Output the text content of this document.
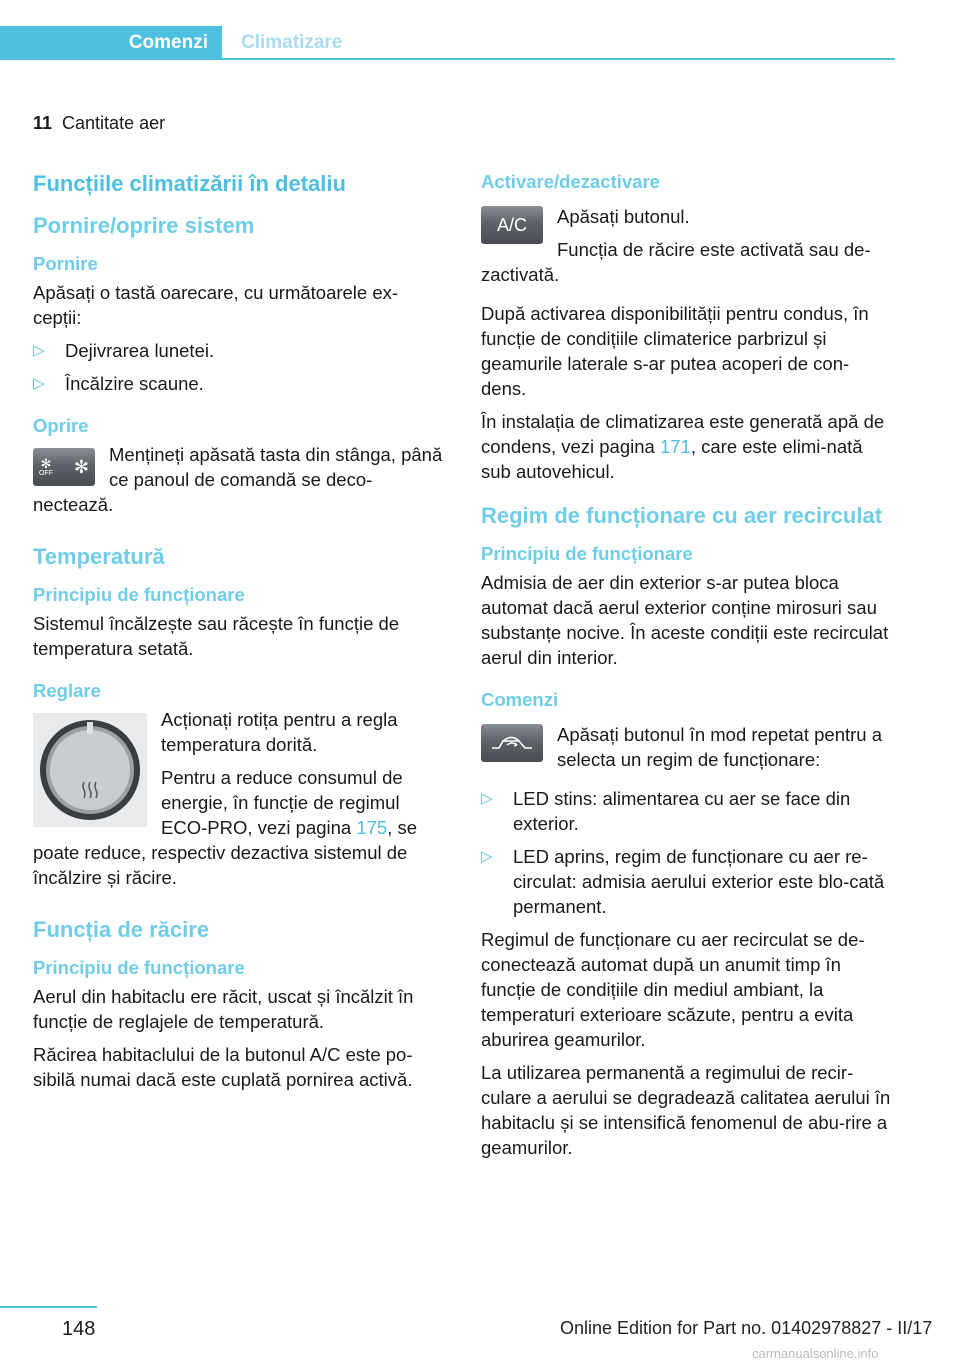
Comenzi	Climatizare
11 Cantitate aer
Funcțiile climatizării în detaliu
Pornire/oprire sistem
Pornire

Apăsați o tastă oarecare, cu următoarele ex-cepții:

▷	Dejivrarea lunetei.
▷	Încălzire scaune.
Oprire
✻
OFF ✻

Mențineți apăsată tasta din stânga, până ce panoul de comandă se deco-nectează.

Temperatură
Principiu de funcționare

Sistemul încălzește sau răcește în funcție de temperatura setată.

Reglare

Acționați rotița pentru a regla temperatura dorită.

Pentru a reduce consumul de energie, în funcție de regimul ECO-PRO, vezi pagina 175, se poate reduce, respectiv dezactiva sistemul de încălzire și răcire.

Funcția de răcire
Principiu de funcționare

Aerul din habitaclu ere răcit, uscat și încălzit în funcție de reglajele de temperatură.

Răcirea habitaclului de la butonul A/C este po-sibilă numai dacă este cuplată pornirea activă.

Activare/dezactivare
A/C	Apăsați butonul.

Funcția de răcire este activată sau de-zactivată.

După activarea disponibilității pentru condus, în funcție de condițiile climaterice parbrizul și geamurile laterale s-ar putea acoperi de con-dens.

În instalația de climatizarea este generată apă de condens, vezi pagina 171, care este elimi-nată sub autovehicul.

Regim de funcționare cu aer recirculat
Principiu de funcționare

Admisia de aer din exterior s-ar putea bloca automat dacă aerul exterior conține mirosuri sau substanțe nocive. În aceste condiții este recirculat aerul din interior.

Comenzi

Apăsați butonul în mod repetat pentru a selecta un regim de funcționare:

▷	LED stins: alimentarea cu aer se face din exterior.
▷	LED aprins, regim de funcționare cu aer re-circulat: admisia aerului exterior este blo-cată permanent.

Regimul de funcționare cu aer recirculat se de-conectează automat după un anumit timp în funcție de condițiile din mediul ambiant, la temperaturi exterioare scăzute, pentru a evita aburirea geamurilor.

La utilizarea permanentă a regimului de recir-culare a aerului se degradează calitatea aerului în habitaclu și se intensifică fenomenul de abu-rire a geamurilor.

148	Online Edition for Part no. 01402978827 - II/17
carmanualsonline.info
